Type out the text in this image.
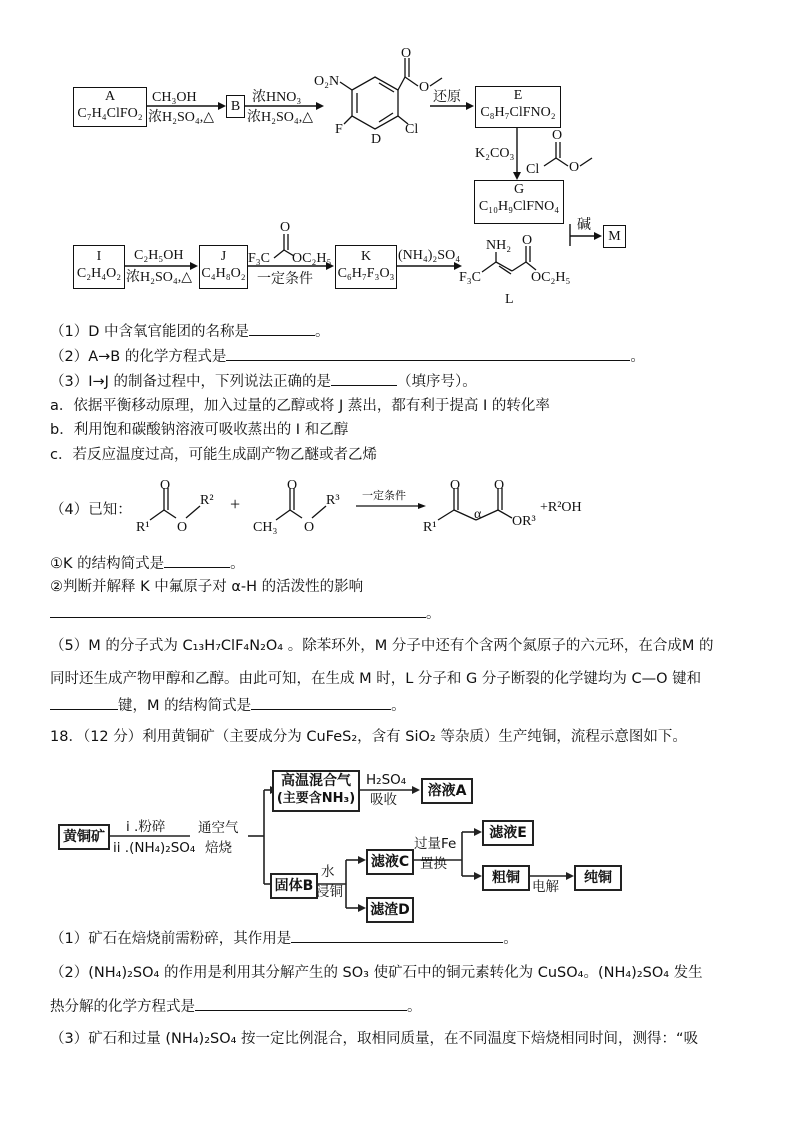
A
C₇H₄ClFO₂
CH₃OH
浓H₂SO₄,△
B
浓HNO₃
浓H₂SO₄,△
O₂N
F	Cl
D
O
O
还原	E
C₈H₇ClFNO₂
K₂CO₃
Cl
O
O
G
C₁₀H₉ClFNO₄
碱
M
I
C₂H₄O₂
C₂H₅OH
浓H₂SO₄,△
J
C₄H₈O₂
F₃C
O
OC₂H₅
一定条件
K
C₆H₇F₃O₃
(NH₄)₂SO₄
NH₂ O
F₃C	OC₂H₅
L
（1）D 中含氧官能团的名称是	。
（2）A→B 的化学方程式是	。
（3）I→J 的制备过程中，下列说法正确的是	（填序号）。
a．依据平衡移动原理，加入过量的乙醇或将 J 蒸出，都有利于提高 I 的转化率
b．利用饱和碳酸钠溶液可吸收蒸出的 I 和乙醇
c．若反应温度过高，可能生成副产物乙醚或者乙烯
（4）已知：
R¹
O
O
R² +
CH₃
O
O
R³ 一定条件
R¹
O
α
O
OR³
+R²OH
①K 的结构简式是	。
②判断并解释 K 中氟原子对 α-H 的活泼性的影响
。
（5）M 的分子式为 C₁₃H₇ClF₄N₂O₄ 。除苯环外，M 分子中还有个含两个氮原子的六元环，在合成M 的
同时还生成产物甲醇和乙醇。由此可知，在生成 M 时，L 分子和 G 分子断裂的化学键均为 C—O 键和
键，M 的结构简式是	。
18．（12 分）利用黄铜矿（主要成分为 CuFeS₂，含有 SiO₂ 等杂质）生产纯铜，流程示意图如下。
黄铜矿
i .粉碎
ii .(NH₄)₂SO₄
通空气
焙烧
高温混合气
(主要含NH₃)
H₂SO₄
吸收
溶液A
固体B
水
浸铜
滤液C
滤渣D
过量Fe
置换
滤液E
粗铜
电解
纯铜
（1）矿石在焙烧前需粉碎，其作用是	。
（2）(NH₄)₂SO₄ 的作用是利用其分解产生的 SO₃ 使矿石中的铜元素转化为 CuSO₄。(NH₄)₂SO₄ 发生
热分解的化学方程式是	。
（3）矿石和过量 (NH₄)₂SO₄ 按一定比例混合，取相同质量，在不同温度下焙烧相同时间，测得：“吸
